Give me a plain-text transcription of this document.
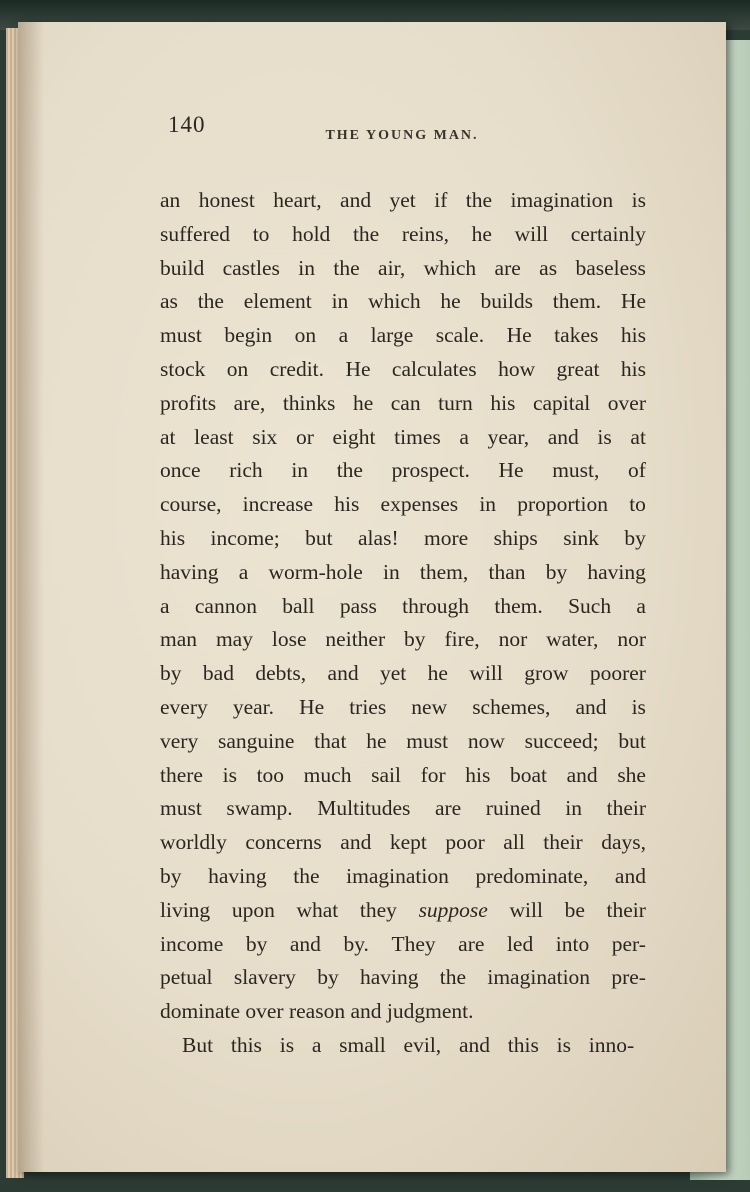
140	THE YOUNG MAN.
an honest heart, and yet if the imagination is
suffered to hold the reins, he will certainly
build castles in the air, which are as baseless
as the element in which he builds them. He
must begin on a large scale. He takes his
stock on credit. He calculates how great his
profits are, thinks he can turn his capital over
at least six or eight times a year, and is at
once rich in the prospect. He must, of
course, increase his expenses in proportion to
his income; but alas! more ships sink by
having a worm-hole in them, than by having
a cannon ball pass through them. Such a
man may lose neither by fire, nor water, nor
by bad debts, and yet he will grow poorer
every year. He tries new schemes, and is
very sanguine that he must now succeed; but
there is too much sail for his boat and she
must swamp. Multitudes are ruined in their
worldly concerns and kept poor all their days,
by having the imagination predominate, and
living upon what they suppose will be their
income by and by. They are led into per-
petual slavery by having the imagination pre-
dominate
over
reason
and
judgment.

But
this
is
a
small
evil,
and
this
is
inno-
